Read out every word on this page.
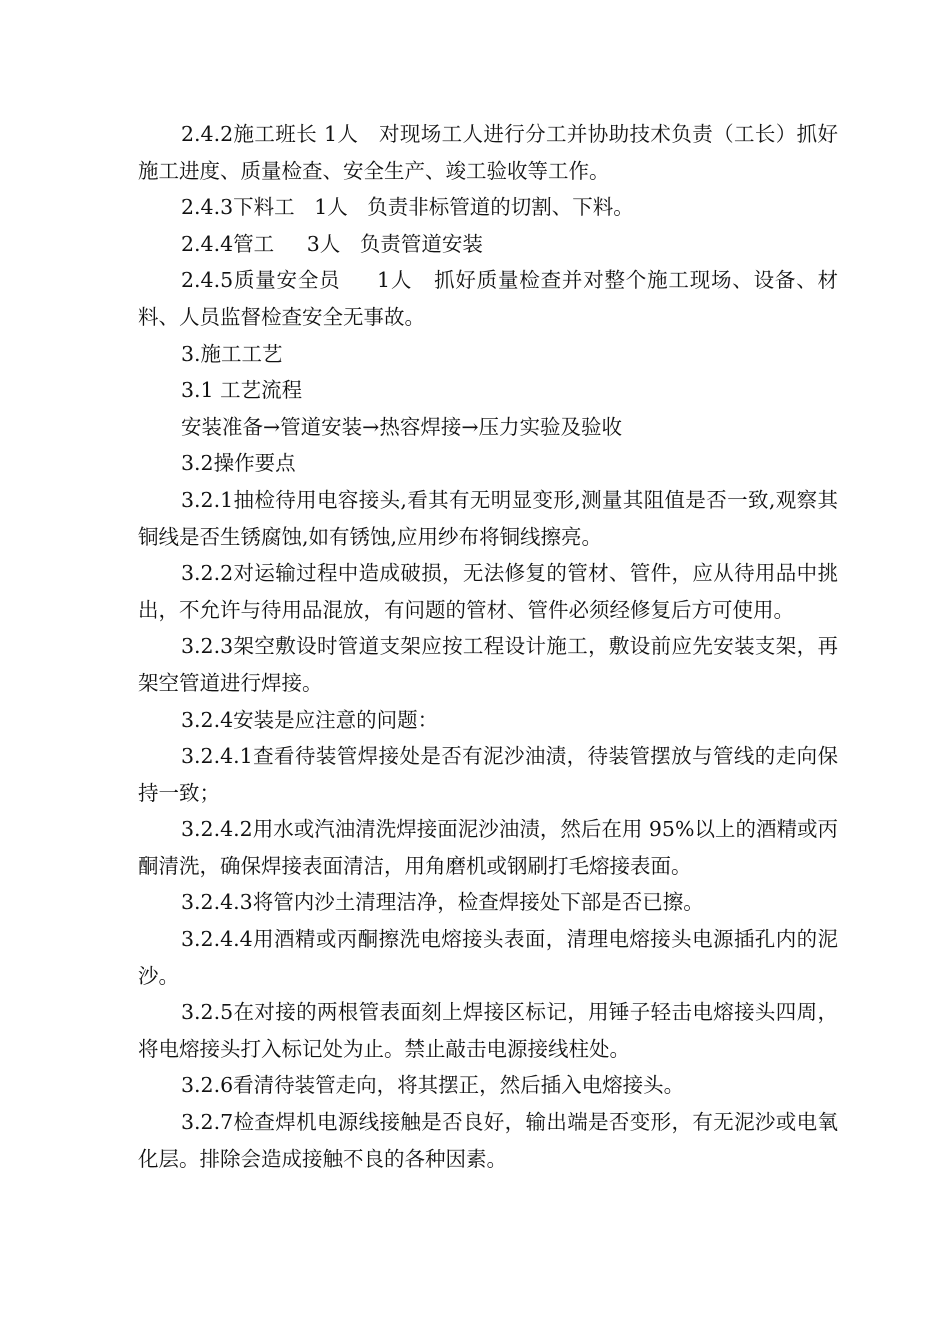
2.4.2施工班长 1人   对现场工人进行分工并协助技术负责（工长）抓好施工进度、质量检查、安全生产、竣工验收等工作。

2.4.3下料工   1人   负责非标管道的切割、下料。

2.4.4管工     3人   负责管道安装

2.4.5质量安全员     1人   抓好质量检查并对整个施工现场、设备、材料、人员监督检查安全无事故。

3.施工工艺

3.1 工艺流程

安装准备→管道安装→热容焊接→压力实验及验收

3.2操作要点

3.2.1抽检待用电容接头,看其有无明显变形,测量其阻值是否一致,观察其铜线是否生锈腐蚀,如有锈蚀,应用纱布将铜线擦亮。

3.2.2对运输过程中造成破损，无法修复的管材、管件，应从待用品中挑出，不允许与待用品混放，有问题的管材、管件必须经修复后方可使用。

3.2.3架空敷设时管道支架应按工程设计施工，敷设前应先安装支架，再架空管道进行焊接。

3.2.4安装是应注意的问题：

3.2.4.1查看待装管焊接处是否有泥沙油渍，待装管摆放与管线的走向保持一致；

3.2.4.2用水或汽油清洗焊接面泥沙油渍，然后在用 95%以上的酒精或丙酮清洗，确保焊接表面清洁，用角磨机或钢刷打毛熔接表面。

3.2.4.3将管内沙土清理洁净，检查焊接处下部是否已擦。

3.2.4.4用酒精或丙酮擦洗电熔接头表面，清理电熔接头电源插孔内的泥沙。

3.2.5在对接的两根管表面刻上焊接区标记，用锤子轻击电熔接头四周，将电熔接头打入标记处为止。禁止敲击电源接线柱处。

3.2.6看清待装管走向，将其摆正，然后插入电熔接头。

3.2.7检查焊机电源线接触是否良好，输出端是否变形，有无泥沙或电氧化层。排除会造成接触不良的各种因素。
